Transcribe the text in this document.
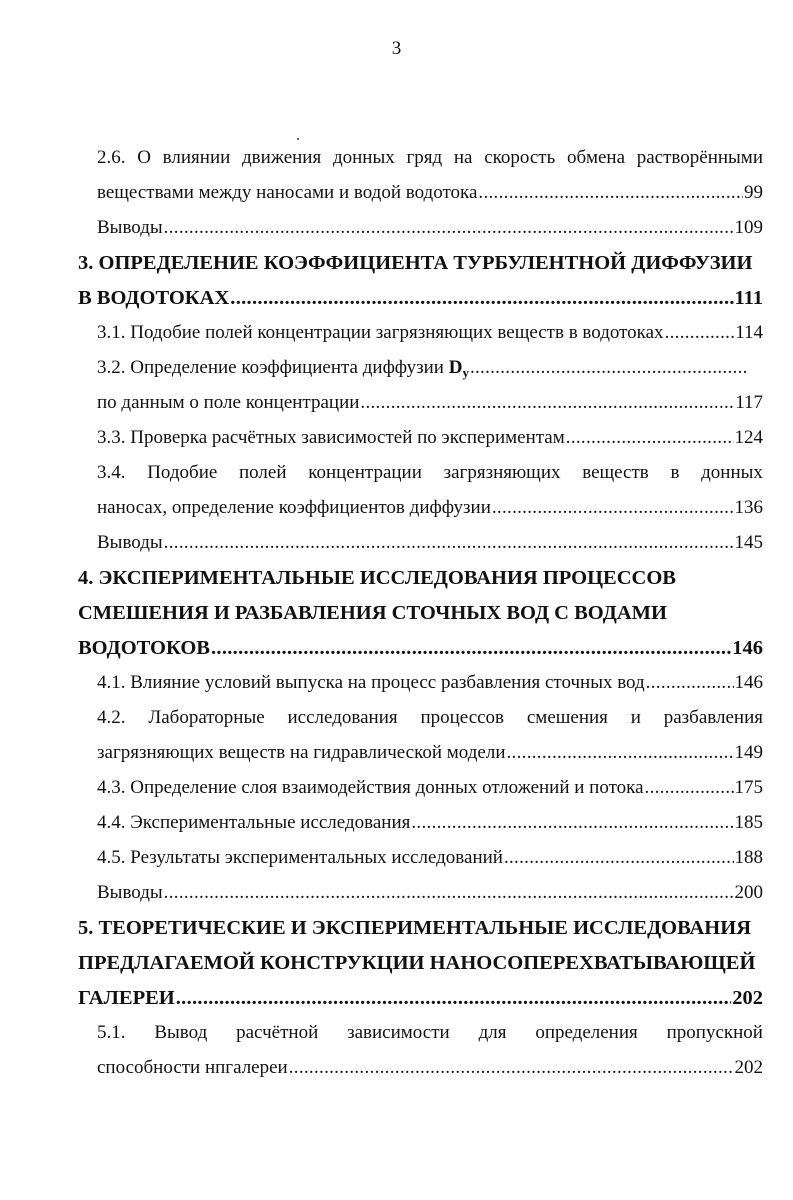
3
2.6. О влиянии движения донных гряд на скорость обмена растворёнными
веществами между наносами и водой водотока .....	99
Выводы .....	109
3. ОПРЕДЕЛЕНИЕ КОЭФФИЦИЕНТА ТУРБУЛЕНТНОЙ ДИФФУЗИИ
В ВОДОТОКАХ .....	111
3.1. Подобие полей концентрации загрязняющих веществ в водотоках .....	114
3.2. Определение коэффициента диффузии $D_y$
.....
по данным о поле концентрации .....	117
3.3. Проверка расчётных зависимостей по экспериментам .....	124
3.4. Подобие полей концентрации загрязняющих веществ в донных
наносах, определение коэффициентов диффузии .....	136
Выводы .....	145
4. ЭКСПЕРИМЕНТАЛЬНЫЕ ИССЛЕДОВАНИЯ ПРОЦЕССОВ
СМЕШЕНИЯ И РАЗБАВЛЕНИЯ СТОЧНЫХ ВОД С ВОДАМИ
ВОДОТОКОВ .....	146
4.1. Влияние условий выпуска на процесс разбавления сточных вод .....	146
4.2. Лабораторные исследования процессов смешения и разбавления
загрязняющих веществ на гидравлической модели .....	149
4.3. Определение слоя взаимодействия донных отложений и потока .....	175
4.4. Экспериментальные исследования .....	185
4.5. Результаты экспериментальных исследований .....	188
Выводы .....	200
5. ТЕОРЕТИЧЕСКИЕ И ЭКСПЕРИМЕНТАЛЬНЫЕ ИССЛЕДОВАНИЯ
ПРЕДЛАГАЕМОЙ КОНСТРУКЦИИ НАНОСОПЕРЕХВАТЫВАЮЩЕЙ
ГАЛЕРЕИ .....	202
5.1. Вывод расчётной зависимости для определения пропускной
способности нпгалереи .....	202
